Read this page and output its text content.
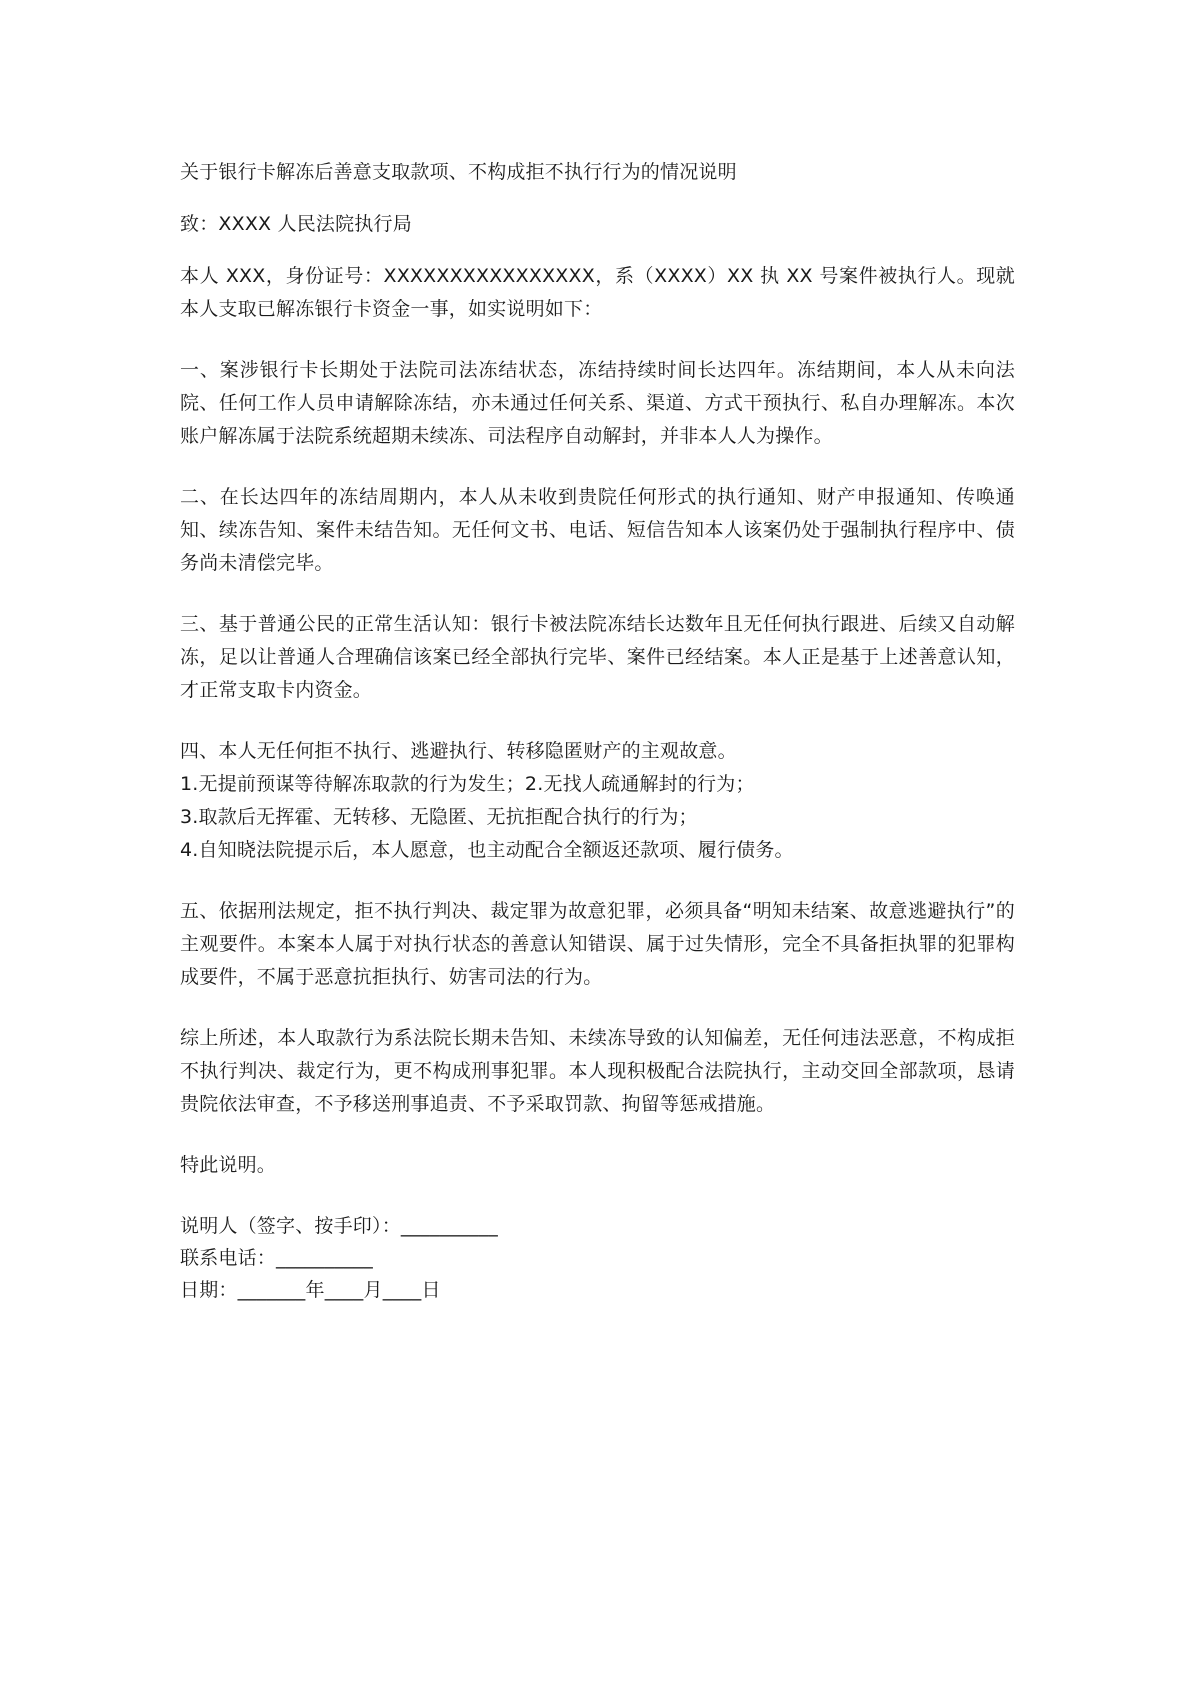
关于银行卡解冻后善意支取款项、不构成拒不执行行为的情况说明

致：XXXX 人民法院执行局

本人 XXX，身份证号：XXXXXXXXXXXXXXXX，系（XXXX）XX 执 XX 号案件被执行人。现就本人支取已解冻银行卡资金一事，如实说明如下：

一、案涉银行卡长期处于法院司法冻结状态，冻结持续时间长达四年。冻结期间，本人从未向法院、任何工作人员申请解除冻结，亦未通过任何关系、渠道、方式干预执行、私自办理解冻。本次账户解冻属于法院系统超期未续冻、司法程序自动解封，并非本人人为操作。

二、在长达四年的冻结周期内，本人从未收到贵院任何形式的执行通知、财产申报通知、传唤通知、续冻告知、案件未结告知。无任何文书、电话、短信告知本人该案仍处于强制执行程序中、债务尚未清偿完毕。

三、基于普通公民的正常生活认知：银行卡被法院冻结长达数年且无任何执行跟进、后续又自动解冻，足以让普通人合理确信该案已经全部执行完毕、案件已经结案。本人正是基于上述善意认知，才正常支取卡内资金。

四、本人无任何拒不执行、逃避执行、转移隐匿财产的主观故意。

1.无提前预谋等待解冻取款的行为发生；2.无找人疏通解封的行为；

3.取款后无挥霍、无转移、无隐匿、无抗拒配合执行的行为；

4.自知晓法院提示后，本人愿意，也主动配合全额返还款项、履行债务。

五、依据刑法规定，拒不执行判决、裁定罪为故意犯罪，必须具备“明知未结案、故意逃避执行”的主观要件。本案本人属于对执行状态的善意认知错误、属于过失情形，完全不具备拒执罪的犯罪构成要件，不属于恶意抗拒执行、妨害司法的行为。

综上所述，本人取款行为系法院长期未告知、未续冻导致的认知偏差，无任何违法恶意，不构成拒不执行判决、裁定行为，更不构成刑事犯罪。本人现积极配合法院执行，主动交回全部款项，恳请贵院依法审查，不予移送刑事追责、不予采取罚款、拘留等惩戒措施。

特此说明。

说明人（签字、按手印）：__________

联系电话：__________

日期：_______年____月____日
